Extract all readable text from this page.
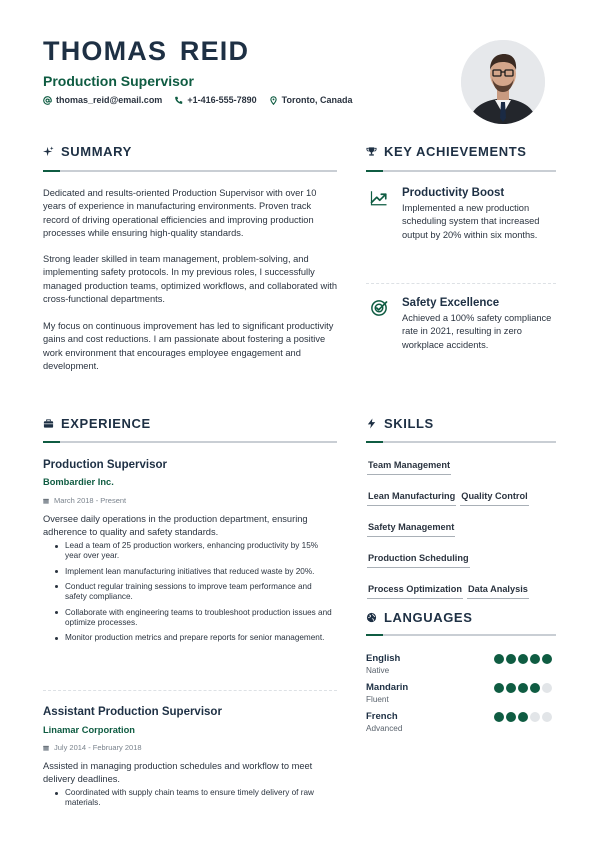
THOMAS REID
Production Supervisor
thomas_reid@email.com	+1-416-555-7890	Toronto, Canada
SUMMARY

Dedicated and results-oriented Production Supervisor with over 10 years of experience in manufacturing environments. Proven track record of driving operational efficiencies and improving production processes while ensuring high-quality standards.

Strong leader skilled in team management, problem-solving, and implementing safety protocols. In my previous roles, I successfully managed production teams, optimized workflows, and collaborated with cross-functional departments.

My focus on continuous improvement has led to significant productivity gains and cost reductions. I am passionate about fostering a positive work environment that encourages employee engagement and development.

KEY ACHIEVEMENTS
Productivity Boost
Implemented a new production scheduling system that increased output by 20% within six months.
Safety Excellence
Achieved a 100% safety compliance rate in 2021, resulting in zero workplace accidents.
EXPERIENCE
Production Supervisor
Bombardier Inc.
March 2018 - Present

Oversee daily operations in the production department, ensuring adherence to quality and safety standards.

Lead a team of 25 production workers, enhancing productivity by 15% year over year.
Implement lean manufacturing initiatives that reduced waste by 20%.
Conduct regular training sessions to improve team performance and safety compliance.
Collaborate with engineering teams to troubleshoot production issues and optimize processes.
Monitor production metrics and prepare reports for senior management.
Assistant Production Supervisor
Linamar Corporation
July 2014 - February 2018

Assisted in managing production schedules and workflow to meet delivery deadlines.

Coordinated with supply chain teams to ensure timely delivery of raw materials.
SKILLS
Team Management
Lean Manufacturing Quality Control
Safety Management
Production Scheduling
Process Optimization Data Analysis
LANGUAGES
English
Native
Mandarin
Fluent
French
Advanced
